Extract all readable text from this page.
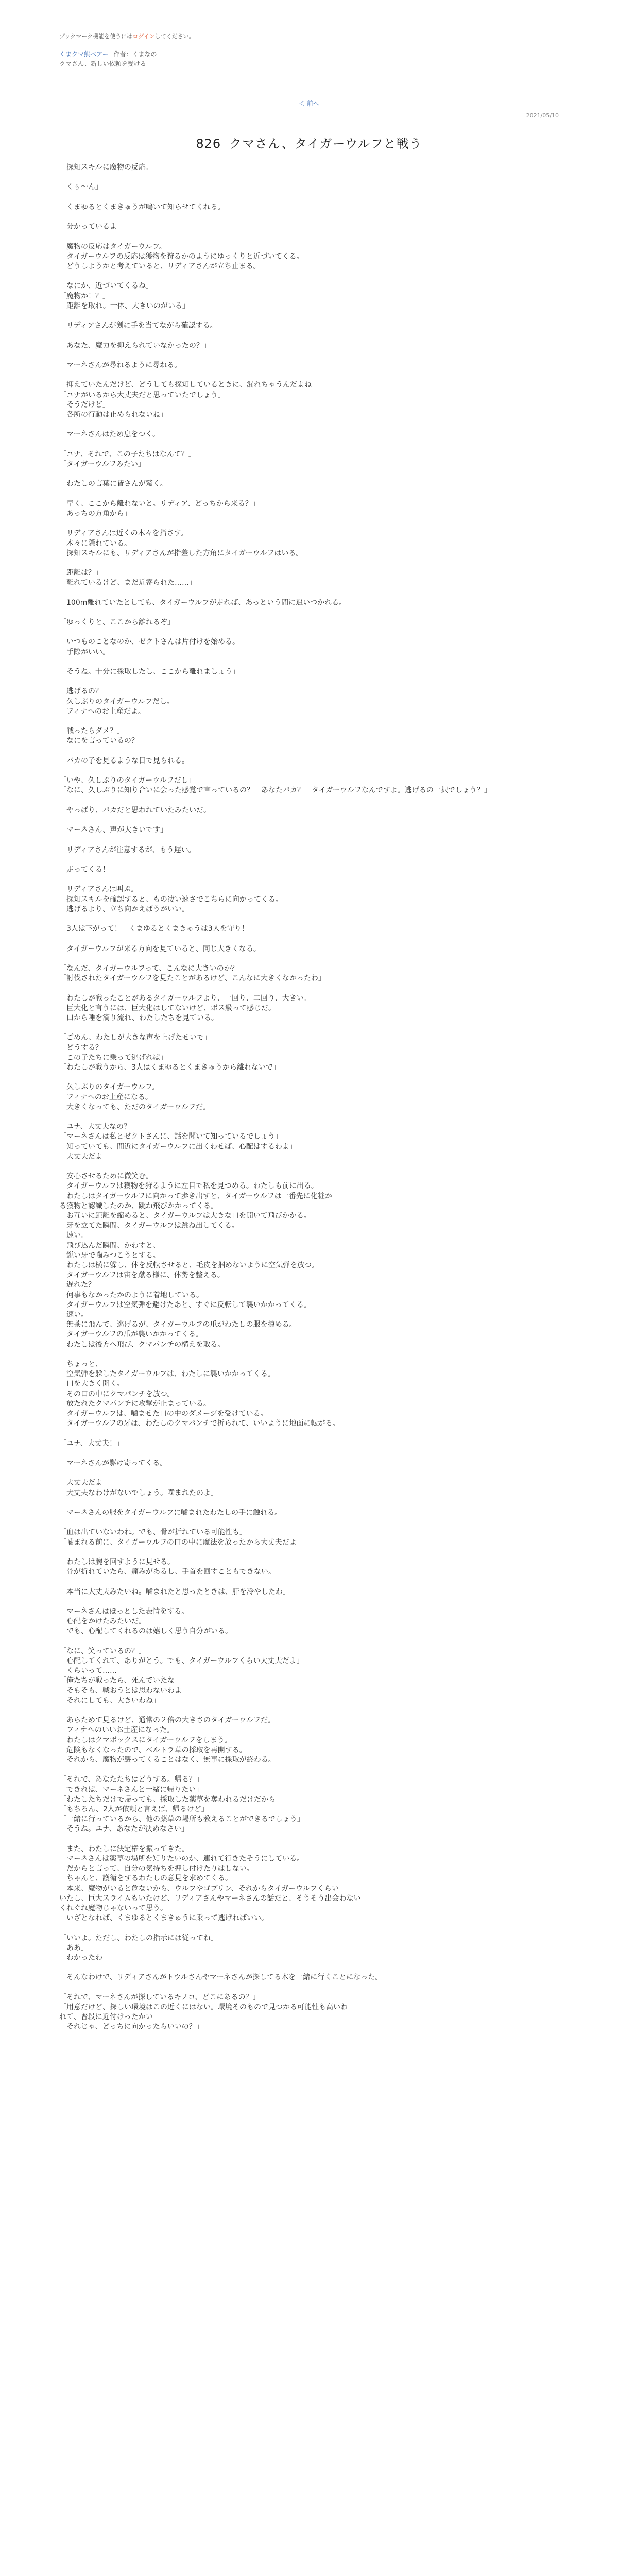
ブックマーク機能を使うにはログインしてください。
くまクマ熊ベアー 作者：くまなの
クマさん、新しい依頼を受ける
＜ 前へ
2021/05/10
826 クマさん、タイガーウルフと戦う

　探知スキルに魔物の反応。

「くぅ～ん」

　くまゆるとくまきゅうが鳴いて知らせてくれる。

「分かっているよ」

　魔物の反応はタイガーウルフ。

　タイガーウルフの反応は獲物を狩るかのようにゆっくりと近づいてくる。

　どうしようかと考えていると、リディアさんが立ち止まる。

「なにか、近づいてくるね」

「魔物か！？」

「距離を取れ。一体、大きいのがいる」

　リディアさんが剣に手を当てながら確認する。

「あなた、魔力を抑えられていなかったの？」

　マーネさんが尋ねるように尋ねる。

「抑えていたんだけど、どうしても探知しているときに、漏れちゃうんだよね」

「ユナがいるから大丈夫だと思っていたでしょう」

「そうだけど」

「各所の行動は止められないね」

　マーネさんはため息をつく。

「ユナ、それで、この子たちはなんて？」

「タイガーウルフみたい」

　わたしの言葉に皆さんが驚く。

「早く、ここから離れないと。リディア、どっちから来る？」

「あっちの方角から」

　リディアさんは近くの木々を指さす。

　木々に隠れている。

　探知スキルにも、リディアさんが指差した方角にタイガーウルフはいる。

「距離は？」

「離れているけど、まだ近寄られた……」

　100m離れていたとしても、タイガーウルフが走れば、あっという間に追いつかれる。

「ゆっくりと、ここから離れるぞ」

　いつものことなのか、ゼクトさんは片付けを始める。

　手際がいい。

「そうね。十分に採取したし、ここから離れましょう」

　逃げるの？

　久しぶりのタイガーウルフだし。

　フィナへのお土産だよ。

「戦ったらダメ？」

「なにを言っているの？」

　バカの子を見るような目で見られる。

「いや、久しぶりのタイガーウルフだし」

「なに、久しぶりに知り合いに会った感覚で言っているの？　あなたバカ？　タイガーウルフなんですよ。逃げるの一択でしょう？」

　やっぱり、バカだと思われていたみたいだ。

「マーネさん、声が大きいです」

　リディアさんが注意するが、もう遅い。

「走ってくる！」

　リディアさんは叫ぶ。

　探知スキルを確認すると、もの凄い速さでこちらに向かってくる。

　逃げるより、立ち向かえばうがいい。

「3人は下がって！　くまゆるとくまきゅうは3人を守り！」

　タイガーウルフが来る方向を見ていると、同じ大きくなる。

「なんだ、タイガーウルフって、こんなに大きいのか？」

「討伐されたタイガーウルフを見たことがあるけど、こんなに大きくなかったわ」

　わたしが戦ったことがあるタイガーウルフより、一回り、二回り、大きい。

　巨大化と言うには、巨大化はしてないけど、ボス級って感じだ。

　口から唾を滴り流れ、わたしたちを見ている。

「ごめん、わたしが大きな声を上げたせいで」

「どうする？」

「この子たちに乗って逃げれば」

「わたしが戦うから、3人はくまゆるとくまきゅうから離れないで」

　久しぶりのタイガーウルフ。

　フィナへのお土産になる。

　大きくなっても、ただのタイガーウルフだ。

「ユナ、大丈夫なの？」

「マーネさんは私とゼクトさんに、話を聞いて知っているでしょう」

「知っていても、間近にタイガーウルフに出くわせば、心配はするわよ」

「大丈夫だよ」

　安心させるために微笑む。

　タイガーウルフは獲物を狩るように左目で私を見つめる。わたしも前に出る。

　わたしはタイガーウルフに向かって歩き出すと、タイガーウルフは一番先に化粧か

る獲物と認識したのか、跳ね飛びかかってくる。

　お互いに距離を縮めると、タイガーウルフは大きな口を開いて飛びかかる。

　牙を立てた瞬間、タイガーウルフは跳ね出してくる。

　速い。

　飛び込んだ瞬間、かわすと、

　鋭い牙で噛みつこうとする。

　わたしは横に躱し、体を反転させると、毛皮を掴めないように空気弾を放つ。

　タイガーウルフは宙を蹴る様に、体勢を整える。

　遅れた？

　何事もなかったかのように着地している。

　タイガーウルフは空気弾を避けたあと、すぐに反転して襲いかかってくる。

　速い。

　無茶に飛んで、逃げるが、タイガーウルフの爪がわたしの服を掠める。

　タイガーウルフの爪が襲いかかってくる。

　わたしは後方へ飛び、クマパンチの構えを取る。

　ちょっと、

　空気弾を躱したタイガーウルフは、わたしに襲いかかってくる。

　口を大きく開く。

　その口の中にクマパンチを放つ。

　放たれたクマパンチに攻撃が止まっている。

　タイガーウルフは、噛ませた口の中のダメージを受けている。

　タイガーウルフの牙は、わたしのクマパンチで折られて、いいように地面に転がる。

「ユナ、大丈夫！」

　マーネさんが駆け寄ってくる。

「大丈夫だよ」

「大丈夫なわけがないでしょう。噛まれたのよ」

　マーネさんの服をタイガーウルフに噛まれたわたしの手に触れる。

「血は出ていないわね。でも、骨が折れている可能性も」

「噛まれる前に、タイガーウルフの口の中に魔法を放ったから大丈夫だよ」

　わたしは腕を回すように見せる。

　骨が折れていたら、痛みがあるし、手首を回すこともできない。

「本当に大丈夫みたいね。噛まれたと思ったときは、肝を冷やしたわ」

　マーネさんはほっとした表情をする。

　心配をかけたみたいだ。

　でも、心配してくれるのは嬉しく思う自分がいる。

「なに、笑っているの？」

「心配してくれて、ありがとう。でも、タイガーウルフくらい大丈夫だよ」

「くらいって……」

「俺たちが戦ったら、死んでいたな」

「そもそも、戦おうとは思わないわよ」

「それにしても、大きいわね」

　あらためて見るけど、通常の２倍の大きさのタイガーウルフだ。

　フィナへのいいお土産になった。

　わたしはクマボックスにタイガーウルフをしまう。

　危険もなくなったので、ベルトラ草の採取を再開する。

　それから、魔物が襲ってくることはなく、無事に採取が終わる。

「それで、あなたたちはどうする。帰る？」

「できれば、マーネさんと一緒に帰りたい」

「わたしたちだけで帰っても、採取した薬草を奪われるだけだから」

「もちろん、2人が依頼と言えば、帰るけど」

「一緒に行っているから、他の薬草の場所も教えることができるでしょう」

「そうね。ユナ、あなたが決めなさい」

　また、わたしに決定権を振ってきた。

　マーネさんは薬草の場所を知りたいのか、連れて行きたそうにしている。

　だからと言って、自分の気持ちを押し付けたりはしない。

　ちゃんと、護衛をするわたしの意見を求めてくる。

　本来、魔物がいると危ないから、ウルフやゴブリン、それからタイガーウルフくらい

いたし、巨大スライムもいたけど、リディアさんやマーネさんの話だと、そうそう出会わない

くれぐれ魔物じゃないって思う。

　いざとなれば、くまゆるとくまきゅうに乗って逃げればいい。

「いいよ。ただし、わたしの指示には従ってね」

「ああ」

「わかったわ」

　そんなわけで、リディアさんがトウルさんやマーネさんが探してる木を一緒に行くことになった。

「それで、マーネさんが探しているキノコ、どこにあるの？」

「用意だけど、探しい環境はこの近くにはない。環境そのもので見つかる可能性も高いわ

れて、普段に近付けったかい

「それじゃ、どっちに向かったらいいの？」
